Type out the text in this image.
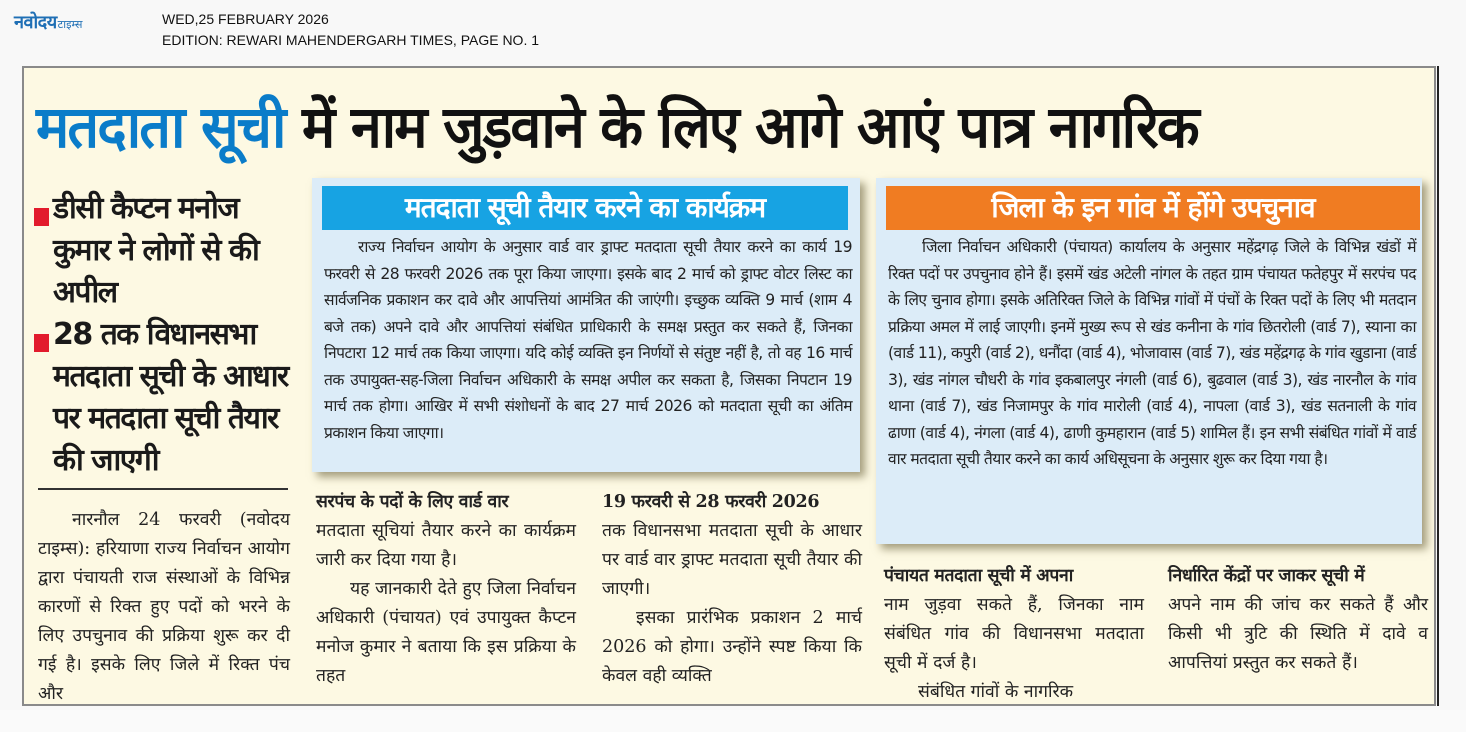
नवोदय टाइम्स	WED,25 FEBRUARY 2026
EDITION: REWARI MAHENDERGARH TIMES, PAGE NO. 1
मतदाता सूची में नाम जुड़वाने के लिए आगे आएं पात्र नागरिक
डीसी कैप्टन मनोज कुमार ने लोगों से की अपील
28 तक विधानसभा मतदाता सूची के आधार पर मतदाता सूची तैयार की जाएगी
नारनौल 24 फरवरी (नवोदय टाइम्स): हरियाणा राज्य निर्वाचन आयोग द्वारा पंचायती राज संस्थाओं के विभिन्न कारणों से रिक्त हुए पदों को भरने के लिए उपचुनाव की प्रक्रिया शुरू कर दी गई है। इसके लिए जिले में रिक्त पंच और
मतदाता सूची तैयार करने का कार्यक्रम
राज्य निर्वाचन आयोग के अनुसार वार्ड वार ड्राफ्ट मतदाता सूची तैयार करने का कार्य 19 फरवरी से 28 फरवरी 2026 तक पूरा किया जाएगा। इसके बाद 2 मार्च को ड्राफ्ट वोटर लिस्ट का सार्वजनिक प्रकाशन कर दावे और आपत्तियां आमंत्रित की जाएंगी। इच्छुक व्यक्ति 9 मार्च (शाम 4 बजे तक) अपने दावे और आपत्तियां संबंधित प्राधिकारी के समक्ष प्रस्तुत कर सकते हैं, जिनका निपटारा 12 मार्च तक किया जाएगा। यदि कोई व्यक्ति इन निर्णयों से संतुष्ट नहीं है, तो वह 16 मार्च तक उपायुक्त-सह-जिला निर्वाचन अधिकारी के समक्ष अपील कर सकता है, जिसका निपटान 19 मार्च तक होगा। आखिर में सभी संशोधनों के बाद 27 मार्च 2026 को मतदाता सूची का अंतिम प्रकाशन किया जाएगा।
जिला के इन गांव में होंगे उपचुनाव
जिला निर्वाचन अधिकारी (पंचायत) कार्यालय के अनुसार महेंद्रगढ़ जिले के विभिन्न खंडों में रिक्त पदों पर उपचुनाव होने हैं। इसमें खंड अटेली नांगल के तहत ग्राम पंचायत फतेहपुर में सरपंच पद के लिए चुनाव होगा। इसके अतिरिक्त जिले के विभिन्न गांवों में पंचों के रिक्त पदों के लिए भी मतदान प्रक्रिया अमल में लाई जाएगी। इनमें मुख्य रूप से खंड कनीना के गांव छितरोली (वार्ड 7), स्याना का (वार्ड 11), कपुरी (वार्ड 2), धनौंदा (वार्ड 4), भोजावास (वार्ड 7), खंड महेंद्रगढ़ के गांव खुडाना (वार्ड 3), खंड नांगल चौधरी के गांव इकबालपुर नंगली (वार्ड 6), बुढवाल (वार्ड 3), खंड नारनौल के गांव थाना (वार्ड 7), खंड निजामपुर के गांव मारोली (वार्ड 4), नापला (वार्ड 3), खंड सतनाली के गांव ढाणा (वार्ड 4), नंगला (वार्ड 4), ढाणी कुमहारान (वार्ड 5) शामिल हैं। इन सभी संबंधित गांवों में वार्ड वार मतदाता सूची तैयार करने का कार्य अधिसूचना के अनुसार शुरू कर दिया गया है।
सरपंच के पदों के लिए वार्ड वार
मतदाता सूचियां तैयार करने का कार्यक्रम जारी कर दिया गया है।
यह जानकारी देते हुए जिला निर्वाचन अधिकारी (पंचायत) एवं उपायुक्त कैप्टन मनोज कुमार ने बताया कि इस प्रक्रिया के तहत
19 फरवरी से 28 फरवरी 2026
तक विधानसभा मतदाता सूची के आधार पर वार्ड वार ड्राफ्ट मतदाता सूची तैयार की जाएगी।
इसका प्रारंभिक प्रकाशन 2 मार्च 2026 को होगा। उन्होंने स्पष्ट किया कि केवल वही व्यक्ति
पंचायत मतदाता सूची में अपना
नाम जुड़वा सकते हैं, जिनका नाम संबंधित गांव की विधानसभा मतदाता सूची में दर्ज है।
संबंधित गांवों के नागरिक
निर्धारित केंद्रों पर जाकर सूची में
अपने नाम की जांच कर सकते हैं और किसी भी त्रुटि की स्थिति में दावे व आपत्तियां प्रस्तुत कर सकते हैं।
